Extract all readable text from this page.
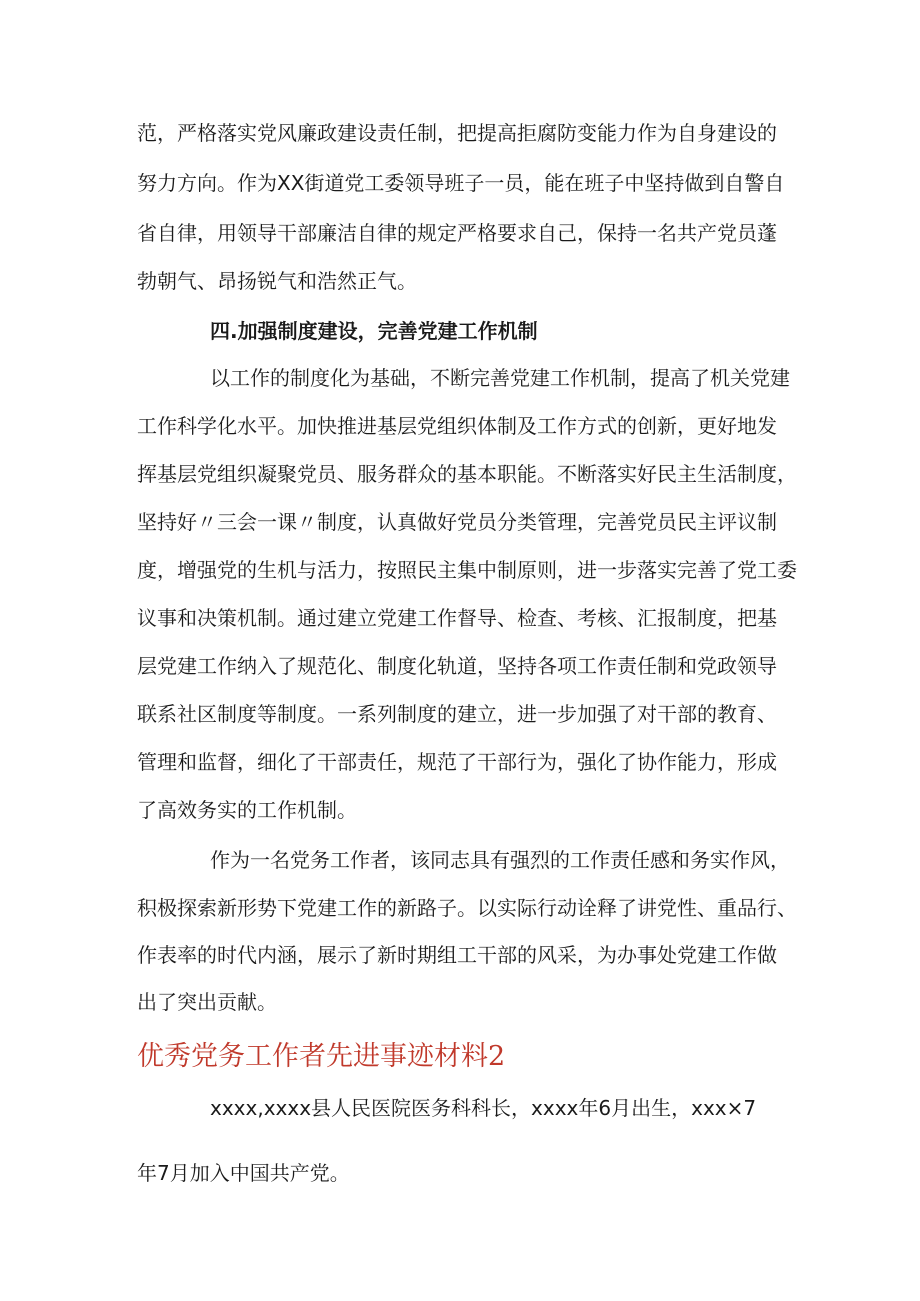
范，严格落实党风廉政建设责任制，把提高拒腐防变能力作为自身建设的
努力方向。作为XX街道党工委领导班子一员，能在班子中坚持做到自警自
省自律，用领导干部廉洁自律的规定严格要求自己，保持一名共产党员蓬
勃朝气、昂扬锐气和浩然正气。
四.加强制度建设，完善党建工作机制
以工作的制度化为基础，不断完善党建工作机制，提高了机关党建
工作科学化水平。加快推进基层党组织体制及工作方式的创新，更好地发
挥基层党组织凝聚党员、服务群众的基本职能。不断落实好民主生活制度，
坚持好〃三会一课〃制度，认真做好党员分类管理，完善党员民主评议制
度，增强党的生机与活力，按照民主集中制原则，进一步落实完善了党工委
议事和决策机制。通过建立党建工作督导、检查、考核、汇报制度，把基
层党建工作纳入了规范化、制度化轨道，坚持各项工作责任制和党政领导
联系社区制度等制度。一系列制度的建立，进一步加强了对干部的教育、
管理和监督，细化了干部责任，规范了干部行为，强化了协作能力，形成
了高效务实的工作机制。
作为一名党务工作者，该同志具有强烈的工作责任感和务实作风，
积极探索新形势下党建工作的新路子。以实际行动诠释了讲党性、重品行、
作表率的时代内涵，展示了新时期组工干部的风采，为办事处党建工作做
出了突出贡献。
优秀党务工作者先进事迹材料2
xxxx,xxxx县人民医院医务科科长，xxxx年6月出生，xxx×7
年7月加入中国共产党。
